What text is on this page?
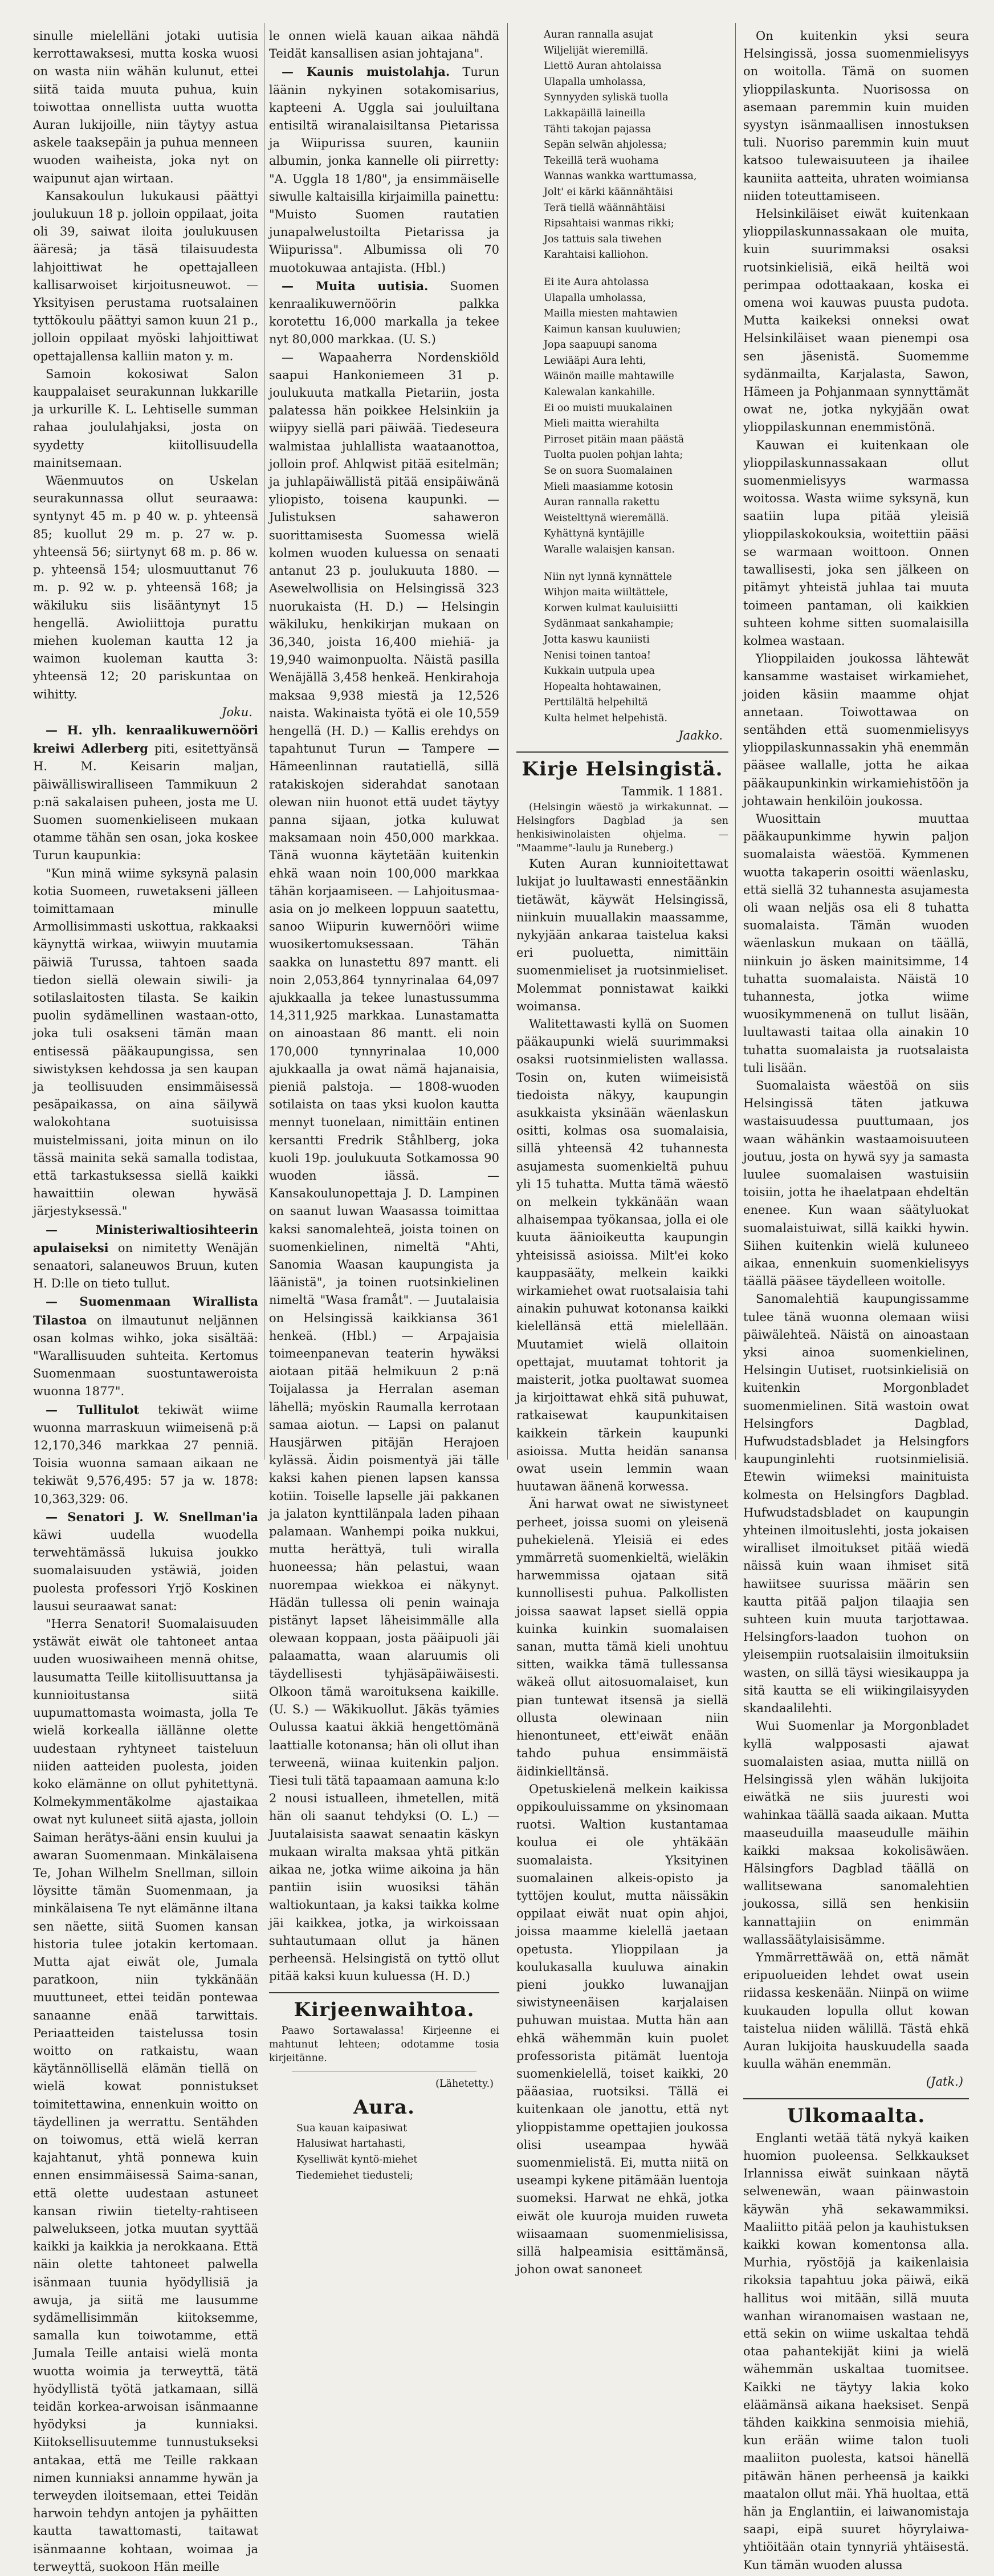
sinulle mielelläni jotaki uutisia kerrottawaksesi, mutta koska wuosi on wasta niin wähän kulunut, ettei siitä taida muuta puhua, kuin toiwottaa onnellista uutta wuotta Auran lukijoille, niin täytyy astua askele taaksepäin ja puhua menneen wuoden waiheista, joka nyt on waipunut ajan wirtaan.

Kansakoulun lukukausi päättyi joulukuun 18 p. jolloin oppilaat, joita oli 39, saiwat iloita joulukuusen ääresä; ja täsä tilaisuudesta lahjoittiwat he opettajalleen kallisarwoiset kirjoitusneuwot. — Yksityisen perustama ruotsalainen tyttökoulu päättyi samon kuun 21 p., jolloin oppilaat myöski lahjoittiwat opettajallensa kalliin maton y. m.

Samoin kokosiwat Salon kauppalaiset seurakunnan lukkarille ja urkurille K. L. Lehtiselle summan rahaa joululahjaksi, josta on syydetty kiitollisuudella mainitsemaan.

Wäenmuutos on Uskelan seurakunnassa ollut seuraawa: syntynyt 45 m. p 40 w. p. yhteensä 85; kuollut 29 m. p. 27 w. p. yhteensä 56; siirtynyt 68 m. p. 86 w. p. yhteensä 154; ulosmuuttanut 76 m. p. 92 w. p. yhteensä 168; ja wäkiluku siis lisääntynyt 15 hengellä. Awioliittoja purattu miehen kuoleman kautta 12 ja waimon kuoleman kautta 3: yhteensä 12; 20 pariskuntaa on wihitty.

Joku.

— H. ylh. kenraalikuwernööri kreiwi Adlerberg piti, esitettyänsä H. M. Keisarin maljan, päiwälliswiralliseen Tammikuun 2 p:nä sakalaisen puheen, josta me U. Suomen suomenkieliseen mukaan otamme tähän sen osan, joka koskee Turun kaupunkia:

"Kun minä wiime syksynä palasin kotia Suomeen, ruwetakseni jälleen toimittamaan minulle Armollisimmasti uskottua, rakkaaksi käynyttä wirkaa, wiiwyin muutamia päiwiä Turussa, tahtoen saada tiedon siellä olewain siwili- ja sotilaslaitosten tilasta. Se kaikin puolin sydämellinen wastaan-otto, joka tuli osakseni tämän maan entisessä pääkaupungissa, sen siwistyksen kehdossa ja sen kaupan ja teollisuuden ensimmäisessä pesäpaikassa, on aina säilywä walokohtana suotuisissa muistelmissani, joita minun on ilo tässä mainita sekä samalla todistaa, että tarkastuksessa siellä kaikki hawaittiin olewan hywäsä järjestyksessä."

— Ministeriwaltiosihteerin apulaiseksi on nimitetty Wenäjän senaatori, salaneuwos Bruun, kuten H. D:lle on tieto tullut.

— Suomenmaan Wirallista Tilastoa on ilmautunut neljännen osan kolmas wihko, joka sisältää: "Warallisuuden suhteita. Kertomus Suomenmaan suostuntaweroista wuonna 1877".

— Tullitulot tekiwät wiime wuonna marraskuun wiimeisenä p:ä 12,170,346 markkaa 27 penniä. Toisia wuonna samaan aikaan ne tekiwät 9,576,495: 57 ja w. 1878: 10,363,329: 06.

— Senatori J. W. Snellman'ia käwi uudella wuodella terwehtämässä lukuisa joukko suomalaisuuden ystäwiä, joiden puolesta professori Yrjö Koskinen lausui seuraawat sanat:

"Herra Senatori! Suomalaisuuden ystäwät eiwät ole tahtoneet antaa uuden wuosiwaiheen mennä ohitse, lausumatta Teille kiitollisuuttansa ja kunnioitustansa siitä uupumattomasta woimasta, jolla Te wielä korkealla iällänne olette uudestaan ryhtyneet taisteluun niiden aatteiden puolesta, joiden koko elämänne on ollut pyhitettynä. Kolmekymmentäkolme ajastaikaa owat nyt kuluneet siitä ajasta, jolloin Saiman herätys-ääni ensin kuului ja awaran Suomenmaan. Minkälaisena Te, Johan Wilhelm Snellman, silloin löysitte tämän Suomenmaan, ja minkälaisena Te nyt elämänne iltana sen näette, siitä Suomen kansan historia tulee jotakin kertomaan. Mutta ajat eiwät ole, Jumala paratkoon, niin tykkänään muuttuneet, ettei teidän pontewaa sanaanne enää tarwittais. Periaatteiden taistelussa tosin woitto on ratkaistu, waan käytännöllisellä elämän tiellä on wielä kowat ponnistukset toimitettawina, ennenkuin woitto on täydellinen ja werrattu. Sentähden on toiwomus, että wielä kerran kajahtanut, yhtä ponnewa kuin ennen ensimmäisessä Saima-sanan, että olette uudestaan astuneet kansan riwiin tietelty-rahtiseen palwelukseen, jotka muutan syyttää kaikki ja kaikkia ja nerokkaana. Että näin olette tahtoneet palwella isänmaan tuunia hyödyllisiä ja awuja, ja siitä me lausumme sydämellisimmän kiitoksemme, samalla kun toiwotamme, että Jumala Teille antaisi wielä monta wuotta woimia ja terweyttä, tätä hyödyllistä työtä jatkamaan, sillä teidän korkea-arwoisan isänmaanne hyödyksi ja kunniaksi. Kiitoksellisuutemme tunnustukseksi antakaa, että me Teille rakkaan nimen kunniaksi annamme hywän ja terweyden iloitsemaan, ettei Teidän harwoin tehdyn antojen ja pyhäitten kautta tawattomasti, taitawat isänmaanne kohtaan, woimaa ja terweyttä, suokoon Hän meille

le onnen wielä kauan aikaa nähdä Teidät kansallisen asian johtajana".

— Kaunis muistolahja. Turun läänin nykyinen sotakomisarius, kapteeni A. Uggla sai jouluiltana entisiltä wiranalaisiltansa Pietarissa ja Wiipurissa suuren, kauniin albumin, jonka kannelle oli piirretty: "A. Uggla 18 1/80", ja ensimmäiselle siwulle kaltaisilla kirjaimilla painettu: "Muisto Suomen rautatien junapalwelustoilta Pietarissa ja Wiipurissa". Albumissa oli 70 muotokuwaa antajista. (Hbl.)

— Muita uutisia. Suomen kenraalikuwernöörin palkka korotettu 16,000 markalla ja tekee nyt 80,000 markkaa. (U. S.)

— Wapaaherra Nordenskiöld saapui Hankoniemeen 31 p. joulukuuta matkalla Pietariin, josta palatessa hän poikkee Helsinkiin ja wiipyy siellä pari päiwää. Tiedeseura walmistaa juhlallista waataanottoa, jolloin prof. Ahlqwist pitää esitelmän; ja juhlapäiwällistä pitää ensipäiwänä yliopisto, toisena kaupunki. — Julistuksen sahaweron suorittamisesta Suomessa wielä kolmen wuoden kuluessa on senaati antanut 23 p. joulukuuta 1880. — Asewelwollisia on Helsingissä 323 nuorukaista (H. D.) — Helsingin wäkiluku, henkikirjan mukaan on 36,340, joista 16,400 miehiä- ja 19,940 waimonpuolta. Näistä pasilla Wenäjällä 3,458 henkeä. Henkirahoja maksaa 9,938 miestä ja 12,526 naista. Wakinaista työtä ei ole 10,559 hengellä (H. D.) — Kallis erehdys on tapahtunut Turun — Tampere — Hämeenlinnan rautatiellä, sillä ratakiskojen siderahdat sanotaan olewan niin huonot että uudet täytyy panna sijaan, jotka kuluwat maksamaan noin 450,000 markkaa. Tänä wuonna käytetään kuitenkin ehkä waan noin 100,000 markkaa tähän korjaamiseen. — Lahjoitusmaa-asia on jo melkeen loppuun saatettu, sanoo Wiipurin kuwernööri wiime wuosikertomuksessaan. Tähän saakka on lunastettu 897 mantt. eli noin 2,053,864 tynnyrinalaa 64,097 ajukkaalla ja tekee lunastussumma 14,311,925 markkaa. Lunastamatta on ainoastaan 86 mantt. eli noin 170,000 tynnyrinalaa 10,000 ajukkaalla ja owat nämä hajanaisia, pieniä palstoja. — 1808-wuoden sotilaista on taas yksi kuolon kautta mennyt tuonelaan, nimittäin entinen kersantti Fredrik Ståhlberg, joka kuoli 19p. joulukuuta Sotkamossa 90 wuoden iässä. — Kansakoulunopettaja J. D. Lampinen on saanut luwan Waasassa toimittaa kaksi sanomalehteä, joista toinen on suomenkielinen, nimeltä "Ahti, Sanomia Waasan kaupungista ja läänistä", ja toinen ruotsinkielinen nimeltä "Wasa framåt". — Juutalaisia on Helsingissä kaikkiansa 361 henkeä. (Hbl.) — Arpajaisia toimeenpanevan teaterin hywäksi aiotaan pitää helmikuun 2 p:nä Toijalassa ja Herralan aseman lähellä; myöskin Raumalla kerrotaan samaa aiotun. — Lapsi on palanut Hausjärwen pitäjän Herajoen kylässä. Äidin poismentyä jäi tälle kaksi kahen pienen lapsen kanssa kotiin. Toiselle lapselle jäi pakkanen ja jalaton kynttilänpala laden pihaan palamaan. Wanhempi poika nukkui, mutta herättyä, tuli wiralla huoneessa; hän pelastui, waan nuorempaa wiekkoa ei näkynyt. Hädän tullessa oli penin wainaja pistänyt lapset läheisimmälle alla olewaan koppaan, josta pääipuoli jäi palaamatta, waan alaruumis oli täydellisesti tyhjäsäpäiwäisesti. Olkoon tämä waroituksena kaikille. (U. S.) — Wäkikuollut. Jäkäs tyämies Oulussa kaatui äkkiä hengettömänä laattialle kotonansa; hän oli ollut ihan terweenä, wiinaa kuitenkin paljon. Tiesi tuli tätä tapaamaan aamuna k:lo 2 nousi istualleen, ihmetellen, mitä hän oli saanut tehdyksi (O. L.) — Juutalaisista saawat senaatin käskyn mukaan wiralta maksaa yhtä pitkän aikaa ne, jotka wiime aikoina ja hän pantiin isiin wuosiksi tähän waltiokuntaan, ja kaksi taikka kolme jäi kaikkea, jotka, ja wirkoissaan suhtautumaan ollut ja hänen perheensä. Helsingistä on tyttö ollut pitää kaksi kuun kuluessa (H. D.)

Kirjeenwaihtoa.

Paawo Sortawalassa! Kirjeenne ei mahtunut lehteen; odotamme tosia kirjeitänne.

(Lähetetty.)
Aura.
Sua kauan kaipasiwat
Halusiwat hartahasti,
Kyselliwät kyntö-miehet
Tiedemiehet tiedusteli;
Auran rannalla asujat
Wiljelijät wieremillä.
Liettö Auran ahtolaissa
Ulapalla umholassa,
Synnyyden syliskä tuolla
Lakkapäillä laineilla
Tähti takojan pajassa
Sepän selwän ahjolessa;
Tekeillä terä wuohama
Wannas wankka warttumassa,
Jolt' ei kärki käännähtäisi
Terä tiellä wäännähtäisi
Ripsahtaisi wanmas rikki;
Jos tattuis sala tiwehen
Karahtaisi kalliohon.
Ei ite Aura ahtolassa
Ulapalla umholassa,
Mailla miesten mahtawien
Kaimun kansan kuuluwien;
Jopa saapuupi sanoma
Lewiääpi Aura lehti,
Wäinön maille mahtawille
Kalewalan kankahille.
Ei oo muisti muukalainen
Mieli maitta wierahilta
Pirroset pitäin maan päästä
Tuolta puolen pohjan lahta;
Se on suora Suomalainen
Mieli maasiamme kotosin
Auran rannalla rakettu
Weistelttynä wieremällä.
Kyhättynä kyntäjille
Waralle walaisjen kansan.
Niin nyt lynnä kynnättele
Wihjon maita wiiltättele,
Korwen kulmat kauluisiitti
Sydänmaat sankahampie;
Jotta kaswu kauniisti
Nenisi toinen tantoa!
Kukkain uutpula upea
Hopealta hohtawainen,
Perttilältä helpehiltä
Kulta helmet helpehistä.
Jaakko.
Kirje Helsingistä.
Tammik. 1 1881.

(Helsingin wäestö ja wirkakunnat. — Helsingfors Dagblad ja sen henkisiwinolaisten ohjelma. — "Maamme"-laulu ja Runeberg.)

Kuten Auran kunnioitettawat lukijat jo luultawasti ennestäänkin tietäwät, käywät Helsingissä, niinkuin muuallakin maassamme, nykyjään ankaraa taistelua kaksi eri puoluetta, nimittäin suomenmieliset ja ruotsinmieliset. Molemmat ponnistawat kaikki woimansa.

Walitettawasti kyllä on Suomen pääkaupunki wielä suurimmaksi osaksi ruotsinmielisten wallassa. Tosin on, kuten wiimeisistä tiedoista näkyy, kaupungin asukkaista yksinään wäenlaskun ositti, kolmas osa suomalaisia, sillä yhteensä 42 tuhannesta asujamesta suomenkieltä puhuu yli 15 tuhatta. Mutta tämä wäestö on melkein tykkänään waan alhaisempaa työkansaa, jolla ei ole kuuta äänioikeutta kaupungin yhteisissä asioissa. Milt'ei koko kauppasääty, melkein kaikki wirkamiehet owat ruotsalaisia tahi ainakin puhuwat kotonansa kaikki kielellänsä että mielellään. Muutamiet wielä ollaitoin opettajat, muutamat tohtorit ja maisterit, jotka puoltawat suomea ja kirjoittawat ehkä sitä puhuwat, ratkaisewat kaupunkitaisen kaikkein tärkein kaupunki asioissa. Mutta heidän sanansa owat usein lemmin waan huutawan äänenä korwessa.

Äni harwat owat ne siwistyneet perheet, joissa suomi on yleisenä puhekielenä. Yleisiä ei edes ymmärretä suomenkieltä, wieläkin harwemmissa ojataan sitä kunnollisesti puhua. Palkollisten joissa saawat lapset siellä oppia kuinka kuinkin suomalaisen sanan, mutta tämä kieli unohtuu sitten, waikka tämä tullessansa wäkeä ollut aitosuomalaiset, kun pian tuntewat itsensä ja siellä ollusta olewinaan niin hienontuneet, ett'eiwät enään tahdo puhua ensimmäistä äidinkielltänsä.

Opetuskielenä melkein kaikissa oppikouluissamme on yksinomaan ruotsi. Waltion kustantamaa koulua ei ole yhtäkään suomalaista. Yksityinen suomalainen alkeis-opisto ja tyttöjen koulut, mutta näissäkin oppilaat eiwät nuat opin ahjoi, joissa maamme kielellä jaetaan opetusta. Ylioppilaan ja koulukasalla kuuluwa ainakin pieni joukko luwanajjan siwistyneenäisen karjalaisen puhuwan muistaa. Mutta hän aan ehkä wähemmän kuin puolet professorista pitämät luentoja suomenkielellä, toiset kaikki, 20 pääasiaa, ruotsiksi. Tällä ei kuitenkaan ole janottu, että nyt ylioppistamme opettajien joukossa olisi useampaa hywää suomenmielistä. Ei, mutta niitä on useampi kykene pitämään luentoja suomeksi. Harwat ne ehkä, jotka eiwät ole kuuroja muiden ruweta wiisaamaan suomenmielisissa, sillä halpeamisia esittämänsä, johon owat sanoneet

On kuitenkin yksi seura Helsingissä, jossa suomenmielisyys on woitolla. Tämä on suomen ylioppilaskunta. Nuorisossa on asemaan paremmin kuin muiden syystyn isänmaallisen innostuksen tuli. Nuoriso paremmin kuin muut katsoo tulewaisuuteen ja ihailee kauniita aatteita, uhraten woimiansa niiden toteuttamiseen.

Helsinkiläiset eiwät kuitenkaan ylioppilaskunnassakaan ole muita, kuin suurimmaksi osaksi ruotsinkielisiä, eikä heiltä woi perimpaa odottaakaan, koska ei omena woi kauwas puusta pudota. Mutta kaikeksi onneksi owat Helsinkiläiset waan pienempi osa sen jäsenistä. Suomemme sydänmailta, Karjalasta, Sawon, Hämeen ja Pohjanmaan synnyttämät owat ne, jotka nykyjään owat ylioppilaskunnan enemmistönä.

Kauwan ei kuitenkaan ole ylioppilaskunnassakaan ollut suomenmielisyys warmassa woitossa. Wasta wiime syksynä, kun saatiin lupa pitää yleisiä ylioppilaskokouksia, woitettiin pääsi se warmaan woittoon. Onnen tawallisesti, joka sen jälkeen on pitämyt yhteistä juhlaa tai muuta toimeen pantaman, oli kaikkien suhteen kohme sitten suomalaisilla kolmea wastaan.

Ylioppilaiden joukossa lähtewät kansamme wastaiset wirkamiehet, joiden käsiin maamme ohjat annetaan. Toiwottawaa on sentähden että suomenmielisyys ylioppilaskunnassakin yhä enemmän pääsee wallalle, jotta he aikaa pääkaupunkinkin wirkamiehistöön ja johtawain henkilöin joukossa.

Wuosittain muuttaa pääkaupunkimme hywin paljon suomalaista wäestöä. Kymmenen wuotta takaperin osoitti wäenlasku, että siellä 32 tuhannesta asujamesta oli waan neljäs osa eli 8 tuhatta suomalaista. Tämän wuoden wäenlaskun mukaan on täällä, niinkuin jo äsken mainitsimme, 14 tuhatta suomalaista. Näistä 10 tuhannesta, jotka wiime wuosikymmenenä on tullut lisään, luultawasti taitaa olla ainakin 10 tuhatta suomalaista ja ruotsalaista tuli lisään.

Suomalaista wäestöä on siis Helsingissä täten jatkuwa wastaisuudessa puuttumaan, jos waan wähänkin wastaamoisuuteen joutuu, josta on hywä syy ja samasta luulee suomalaisen wastuisiin toisiin, jotta he ihaelatpaan ehdeltän enenee. Kun waan säätyluokat suomalaistuiwat, sillä kaikki hywin. Siihen kuitenkin wielä kuluneeo aikaa, ennenkuin suomenkielisyys täällä pääsee täydelleen woitolle.

Sanomalehtiä kaupungissamme tulee tänä wuonna olemaan wiisi päiwälehteä. Näistä on ainoastaan yksi ainoa suomenkielinen, Helsingin Uutiset, ruotsinkielisiä on kuitenkin Morgonbladet suomenmielinen. Sitä wastoin owat Helsingfors Dagblad, Hufwudstadsbladet ja Helsingfors kaupunginlehti ruotsinmielisiä. Etewin wiimeksi mainituista kolmesta on Helsingfors Dagblad. Hufwudstadsbladet on kaupungin yhteinen ilmoituslehti, josta jokaisen wiralliset ilmoitukset pitää wiedä näissä kuin waan ihmiset sitä hawiitsee suurissa määrin sen kautta pitää paljon tilaajia sen suhteen kuin muuta tarjottawaa. Helsingfors-laadon tuohon on yleisempiin ruotsalaisiin ilmoituksiin wasten, on sillä täysi wiesikauppa ja sitä kautta se eli wiikingilaisyyden skandaalilehti.

Wui Suomenlar ja Morgonbladet kyllä walpposasti ajawat suomalaisten asiaa, mutta niillä on Helsingissä ylen wähän lukijoita eiwätkä ne siis juuresti woi wahinkaa täällä saada aikaan. Mutta maaseuduilla maaseudulle mäihin kaikki maksaa kokolisäwäen. Hälsingfors Dagblad täällä on wallitsewana sanomalehtien joukossa, sillä sen henkisiin kannattajiin on enimmän wallassäätylaisisämme.

Ymmärrettäwää on, että nämät eripuolueiden lehdet owat usein riidassa keskenään. Niinpä on wiime kuukauden lopulla ollut kowan taistelua niiden wälillä. Tästä ehkä Auran lukijoita hauskuudella saada kuulla wähän enemmän.

(Jatk.)
Ulkomaalta.

Englanti wetää tätä nykyä kaiken huomion puoleensa. Selkkaukset Irlannissa eiwät suinkaan näytä selwenewän, waan päinwastoin käywän yhä sekawammiksi. Maaliitto pitää pelon ja kauhistuksen kaikki kowan komentonsa alla. Murhia, ryöstöjä ja kaikenlaisia rikoksia tapahtuu joka päiwä, eikä hallitus woi mitään, sillä muuta wanhan wiranomaisen wastaan ne, että sekin on wiime uskaltaa tehdä otaa pahantekijät kiini ja wielä wähemmän uskaltaa tuomitsee. Kaikki ne täytyy lakia koko eläämänsä aikana haeksiset. Senpä tähden kaikkina senmoisia miehiä, kun erään wiime talon tuoli maaliiton puolesta, katsoi hänellä pitäwän hänen perheensä ja kaikki maatalon ollut mäi. Yhä huoltaa, että hän ja Englantiin, ei laiwanomistaja saapi, eipä suuret höyrylaiwa-yhtiöitään otain tynnyriä yhtäisestä. Kun tämän wuoden alussa
